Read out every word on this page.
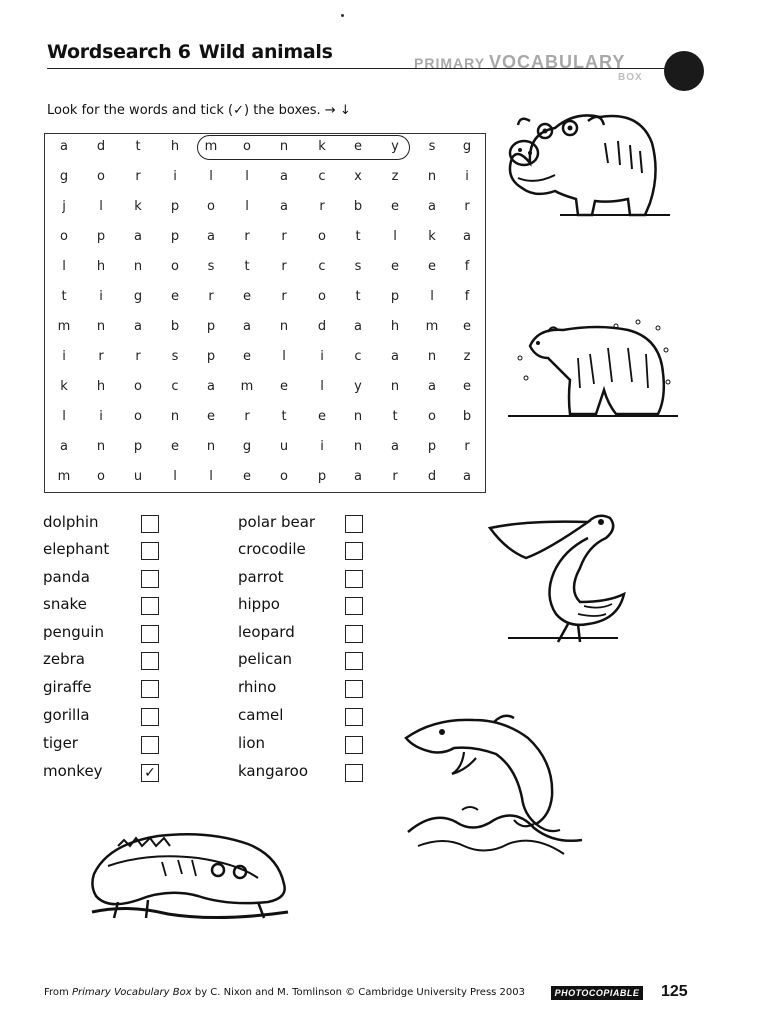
Wordsearch 6 Wild animals	PRIMARY VOCABULARY
BOX
Look for the words and tick (✓) the boxes. → ↓
a	d	t	h	m	o	n	k	e	y	s	g
g	o	r	i	l	l	a	c	x	z	n	i
j	l	k	p	o	l	a	r	b	e	a	r
o	p	a	p	a	r	r	o	t	l	k	a
l	h	n	o	s	t	r	c	s	e	e	f
t	i	g	e	r	e	r	o	t	p	l	f
m	n	a	b	p	a	n	d	a	h	m	e
i	r	r	s	p	e	l	i	c	a	n	z
k	h	o	c	a	m	e	l	y	n	a	e
l	i	o	n	e	r	t	e	n	t	o	b
a	n	p	e	n	g	u	i	n	a	p	r
m	o	u	l	l	e	o	p	a	r	d	a
dolphin
elephant
panda
snake
penguin
zebra
giraffe
gorilla
tiger
monkey	✓
polar bear
crocodile
parrot
hippo
leopard
pelican
rhino
camel
lion
kangaroo
From Primary Vocabulary Box by C. Nixon and M. Tomlinson © Cambridge University Press 2003	PHOTOCOPIABLE 125
